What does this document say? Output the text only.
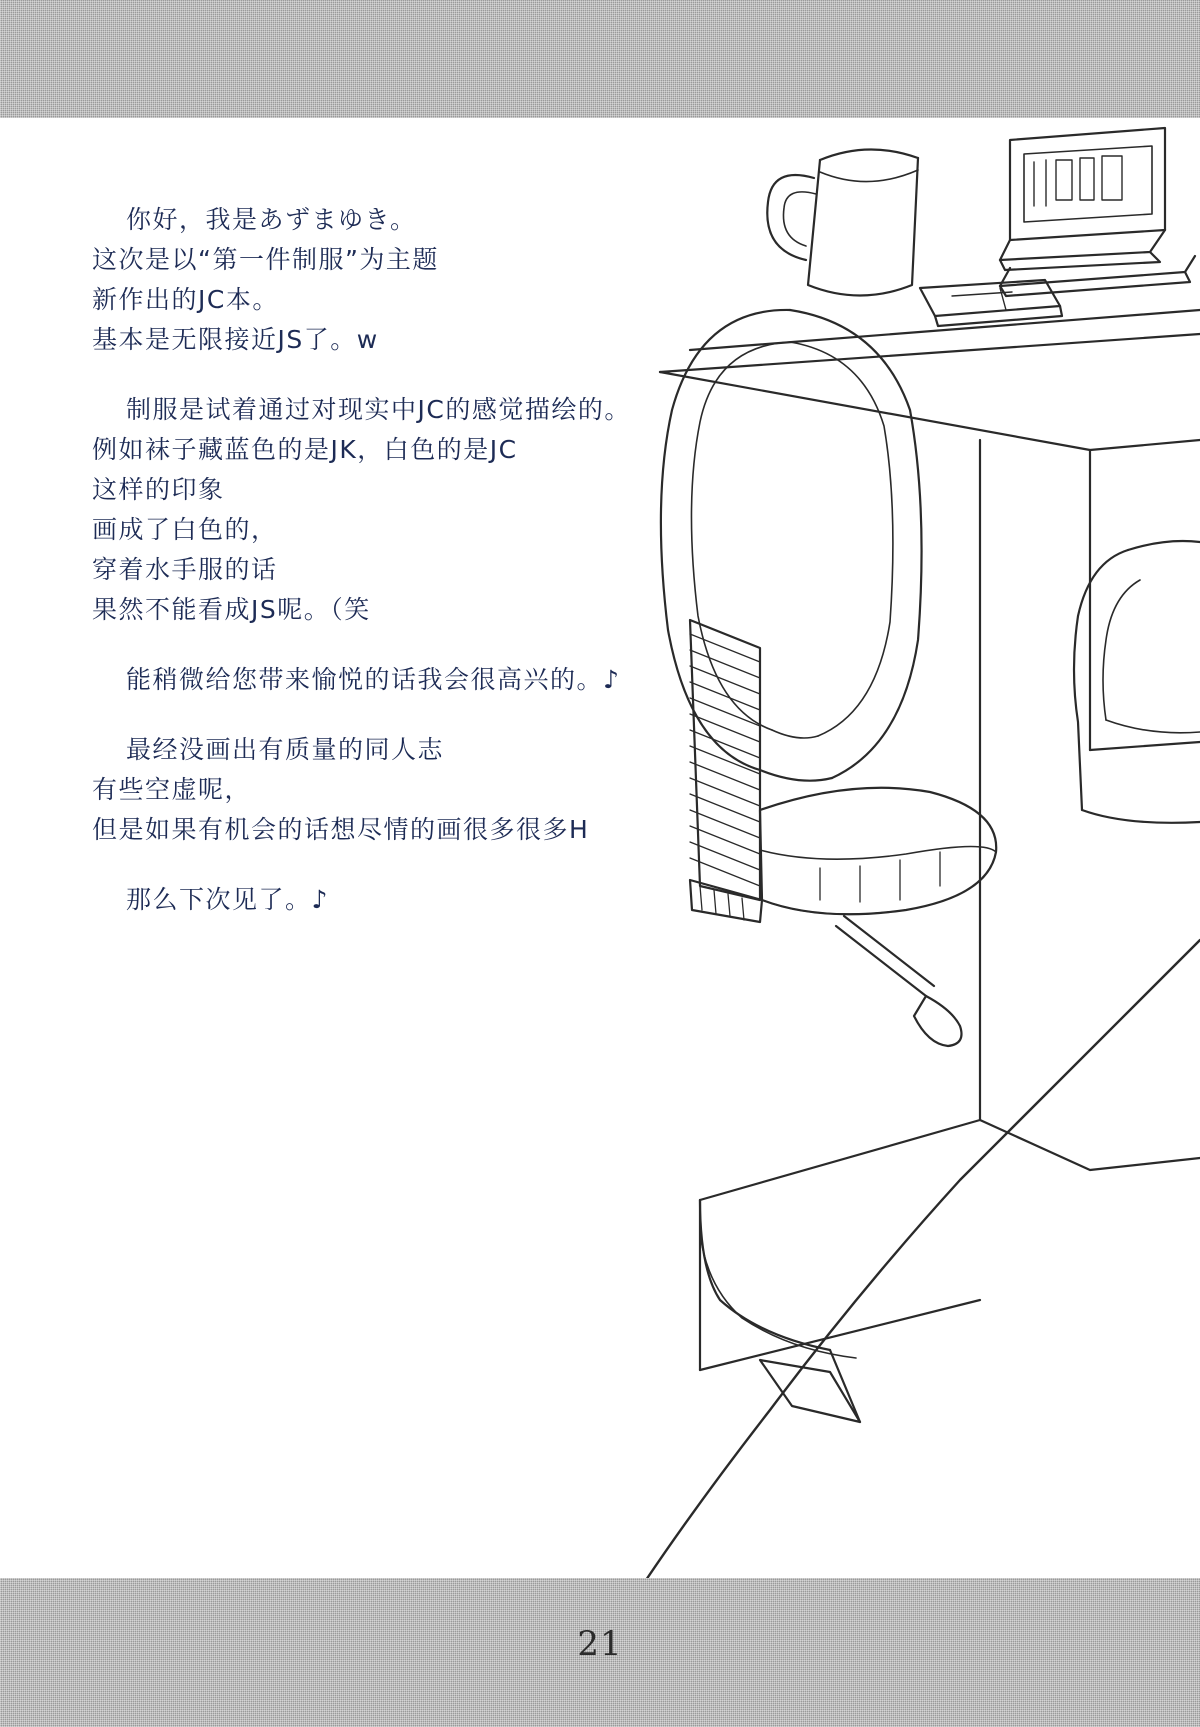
你好，我是あずまゆき。
这次是以“第一件制服”为主题
新作出的JC本。
基本是无限接近JS了。w
制服是试着通过对现实中JC的感觉描绘的。
例如袜子藏蓝色的是JK，白色的是JC
这样的印象
画成了白色的，
穿着水手服的话
果然不能看成JS呢。（笑
能稍微给您带来愉悦的话我会很高兴的。♪
最经没画出有质量的同人志
有些空虚呢，
但是如果有机会的话想尽情的画很多很多H
那么下次见了。♪
21
